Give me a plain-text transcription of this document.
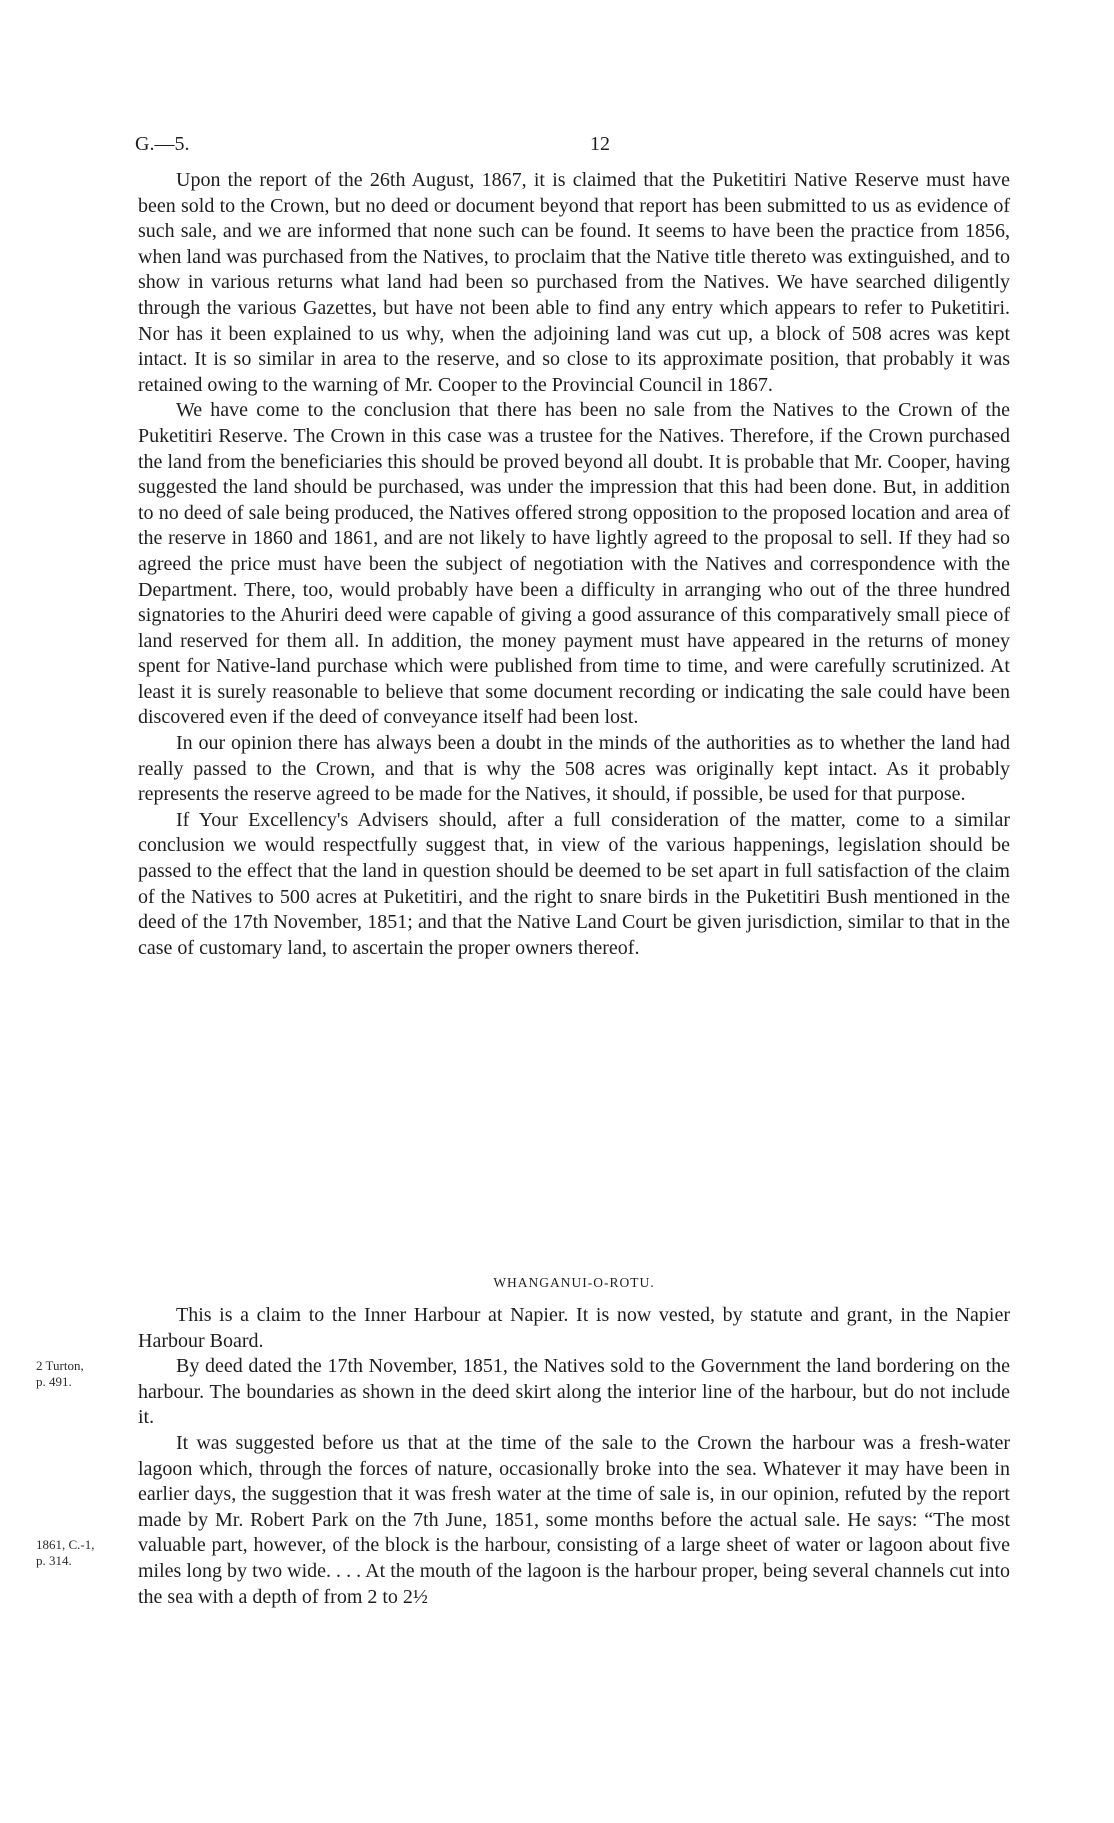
G.—5.	12

Upon the report of the 26th August, 1867, it is claimed that the Puketitiri Native Reserve must have been sold to the Crown, but no deed or document beyond that report has been submitted to us as evidence of such sale, and we are informed that none such can be found. It seems to have been the practice from 1856, when land was purchased from the Natives, to proclaim that the Native title thereto was extinguished, and to show in various returns what land had been so purchased from the Natives. We have searched diligently through the various Gazettes, but have not been able to find any entry which appears to refer to Puketitiri. Nor has it been explained to us why, when the adjoining land was cut up, a block of 508 acres was kept intact. It is so similar in area to the reserve, and so close to its approximate position, that probably it was retained owing to the warning of Mr. Cooper to the Provincial Council in 1867.

We have come to the conclusion that there has been no sale from the Natives to the Crown of the Puketitiri Reserve. The Crown in this case was a trustee for the Natives. Therefore, if the Crown purchased the land from the beneficiaries this should be proved beyond all doubt. It is probable that Mr. Cooper, having suggested the land should be purchased, was under the impression that this had been done. But, in addition to no deed of sale being produced, the Natives offered strong opposition to the proposed location and area of the reserve in 1860 and 1861, and are not likely to have lightly agreed to the proposal to sell. If they had so agreed the price must have been the subject of negotiation with the Natives and correspondence with the Department. There, too, would probably have been a difficulty in arranging who out of the three hundred signatories to the Ahuriri deed were capable of giving a good assurance of this comparatively small piece of land reserved for them all. In addition, the money payment must have appeared in the returns of money spent for Native-land purchase which were published from time to time, and were carefully scrutinized. At least it is surely reasonable to believe that some document recording or indicating the sale could have been discovered even if the deed of conveyance itself had been lost.

In our opinion there has always been a doubt in the minds of the authorities as to whether the land had really passed to the Crown, and that is why the 508 acres was originally kept intact. As it probably represents the reserve agreed to be made for the Natives, it should, if possible, be used for that purpose.

If Your Excellency's Advisers should, after a full consideration of the matter, come to a similar conclusion we would respectfully suggest that, in view of the various happenings, legislation should be passed to the effect that the land in question should be deemed to be set apart in full satisfaction of the claim of the Natives to 500 acres at Puketitiri, and the right to snare birds in the Puketitiri Bush mentioned in the deed of the 17th November, 1851; and that the Native Land Court be given jurisdiction, similar to that in the case of customary land, to ascertain the proper owners thereof.

WHANGANUI-O-ROTU.

This is a claim to the Inner Harbour at Napier. It is now vested, by statute and grant, in the Napier Harbour Board.

By deed dated the 17th November, 1851, the Natives sold to the Government the land bordering on the harbour. The boundaries as shown in the deed skirt along the interior line of the harbour, but do not include it.

It was suggested before us that at the time of the sale to the Crown the harbour was a fresh-water lagoon which, through the forces of nature, occasionally broke into the sea. Whatever it may have been in earlier days, the suggestion that it was fresh water at the time of sale is, in our opinion, refuted by the report made by Mr. Robert Park on the 7th June, 1851, some months before the actual sale. He says: “The most valuable part, however, of the block is the harbour, consisting of a large sheet of water or lagoon about five miles long by two wide. . . . At the mouth of the lagoon is the harbour proper, being several channels cut into the sea with a depth of from 2 to 2½

2 Turton,
p. 491.
1861, C.-1,
p. 314.
